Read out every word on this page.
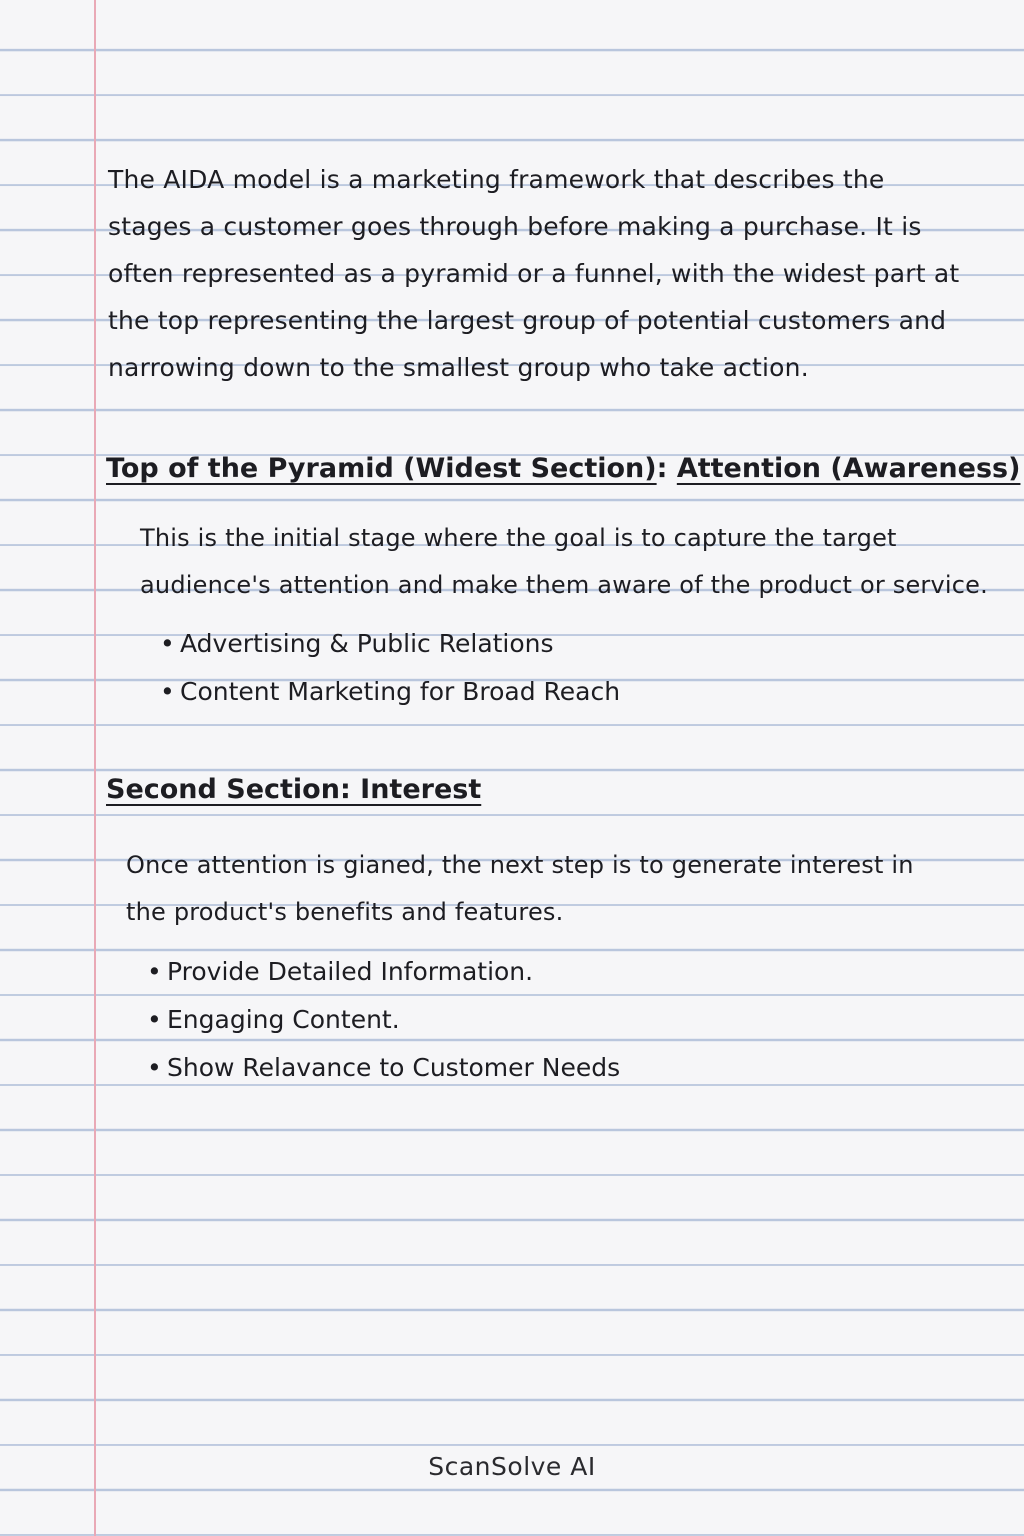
The AIDA model is a marketing framework that describes the stages a customer goes through before making a purchase. It is often represented as a pyramid or a funnel, with the widest part at the top representing the largest group of potential customers and narrowing down to the smallest group who take action.

Top of the Pyramid (Widest Section): Attention (Awareness)

This is the initial stage where the goal is to capture the target audience's attention and make them aware of the product or service.

• Advertising & Public Relations
• Content Marketing for Broad Reach
Second Section: Interest

Once attention is gianed, the next step is to generate interest in the product's benefits and features.

• Provide Detailed Information.
• Engaging Content.
• Show Relavance to Customer Needs
ScanSolve AI
